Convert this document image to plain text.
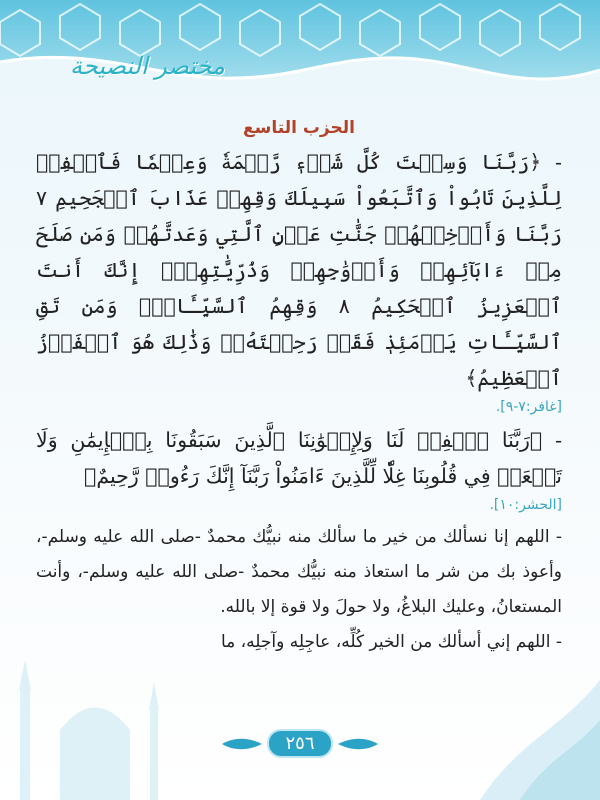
مختصر النصيحة
الحزب التاسع

- ﴿رَبَّنَا وَسِعۡتَ كُلَّ شَيۡءٖ رَّحۡمَةٗ وَعِلۡمٗا فَٱغۡفِرۡ لِلَّذِينَ تَابُواْ وَٱتَّبَعُواْ سَبِيلَكَ وَقِهِمۡ عَذَابَ ٱلۡجَحِيمِ ٧ رَبَّنَا وَأَدۡخِلۡهُمۡ جَنَّٰتِ عَدۡنٍ ٱلَّتِي وَعَدتَّهُمۡ وَمَن صَلَحَ مِنۡ ءَابَآئِهِمۡ وَأَزۡوَٰجِهِمۡ وَذُرِّيَّٰتِهِمۡۚ إِنَّكَ أَنتَ ٱلۡعَزِيزُ ٱلۡحَكِيمُ ٨ وَقِهِمُ ٱلسَّيِّـَٔاتِۚ وَمَن تَقِ ٱلسَّيِّـَٔاتِ يَوۡمَئِذٖ فَقَدۡ رَحِمۡتَهُۥۚ وَذَٰلِكَ هُوَ ٱلۡفَوۡزُ ٱلۡعَظِيمُ﴾

[غافر:٧-٩].

- ﴿رَبَّنَا ٱغۡفِرۡ لَنَا وَلِإِخۡوَٰنِنَا ٱلَّذِينَ سَبَقُونَا بِٱلۡإِيمَٰنِ وَلَا تَجۡعَلۡ فِي قُلُوبِنَا غِلّٗا لِّلَّذِينَ ءَامَنُواْ رَبَّنَآ إِنَّكَ رَءُوفٞ رَّحِيمٌ﴾

[الحشر:١٠].

- اللهم إنا نسألك من خير ما سألك منه نبيُّك محمدٌ -صلى الله عليه وسلم-، وأعوذ بك من شر ما استعاذ منه نبيُّك محمدٌ -صلى الله عليه وسلم-، وأنت المستعانُ، وعليك البلاغُ، ولا حولَ ولا قوة إلا بالله.

- اللهم إني أسألك من الخير كُلِّه، عاجِلِه وآجلِه، ما

٢٥٦
